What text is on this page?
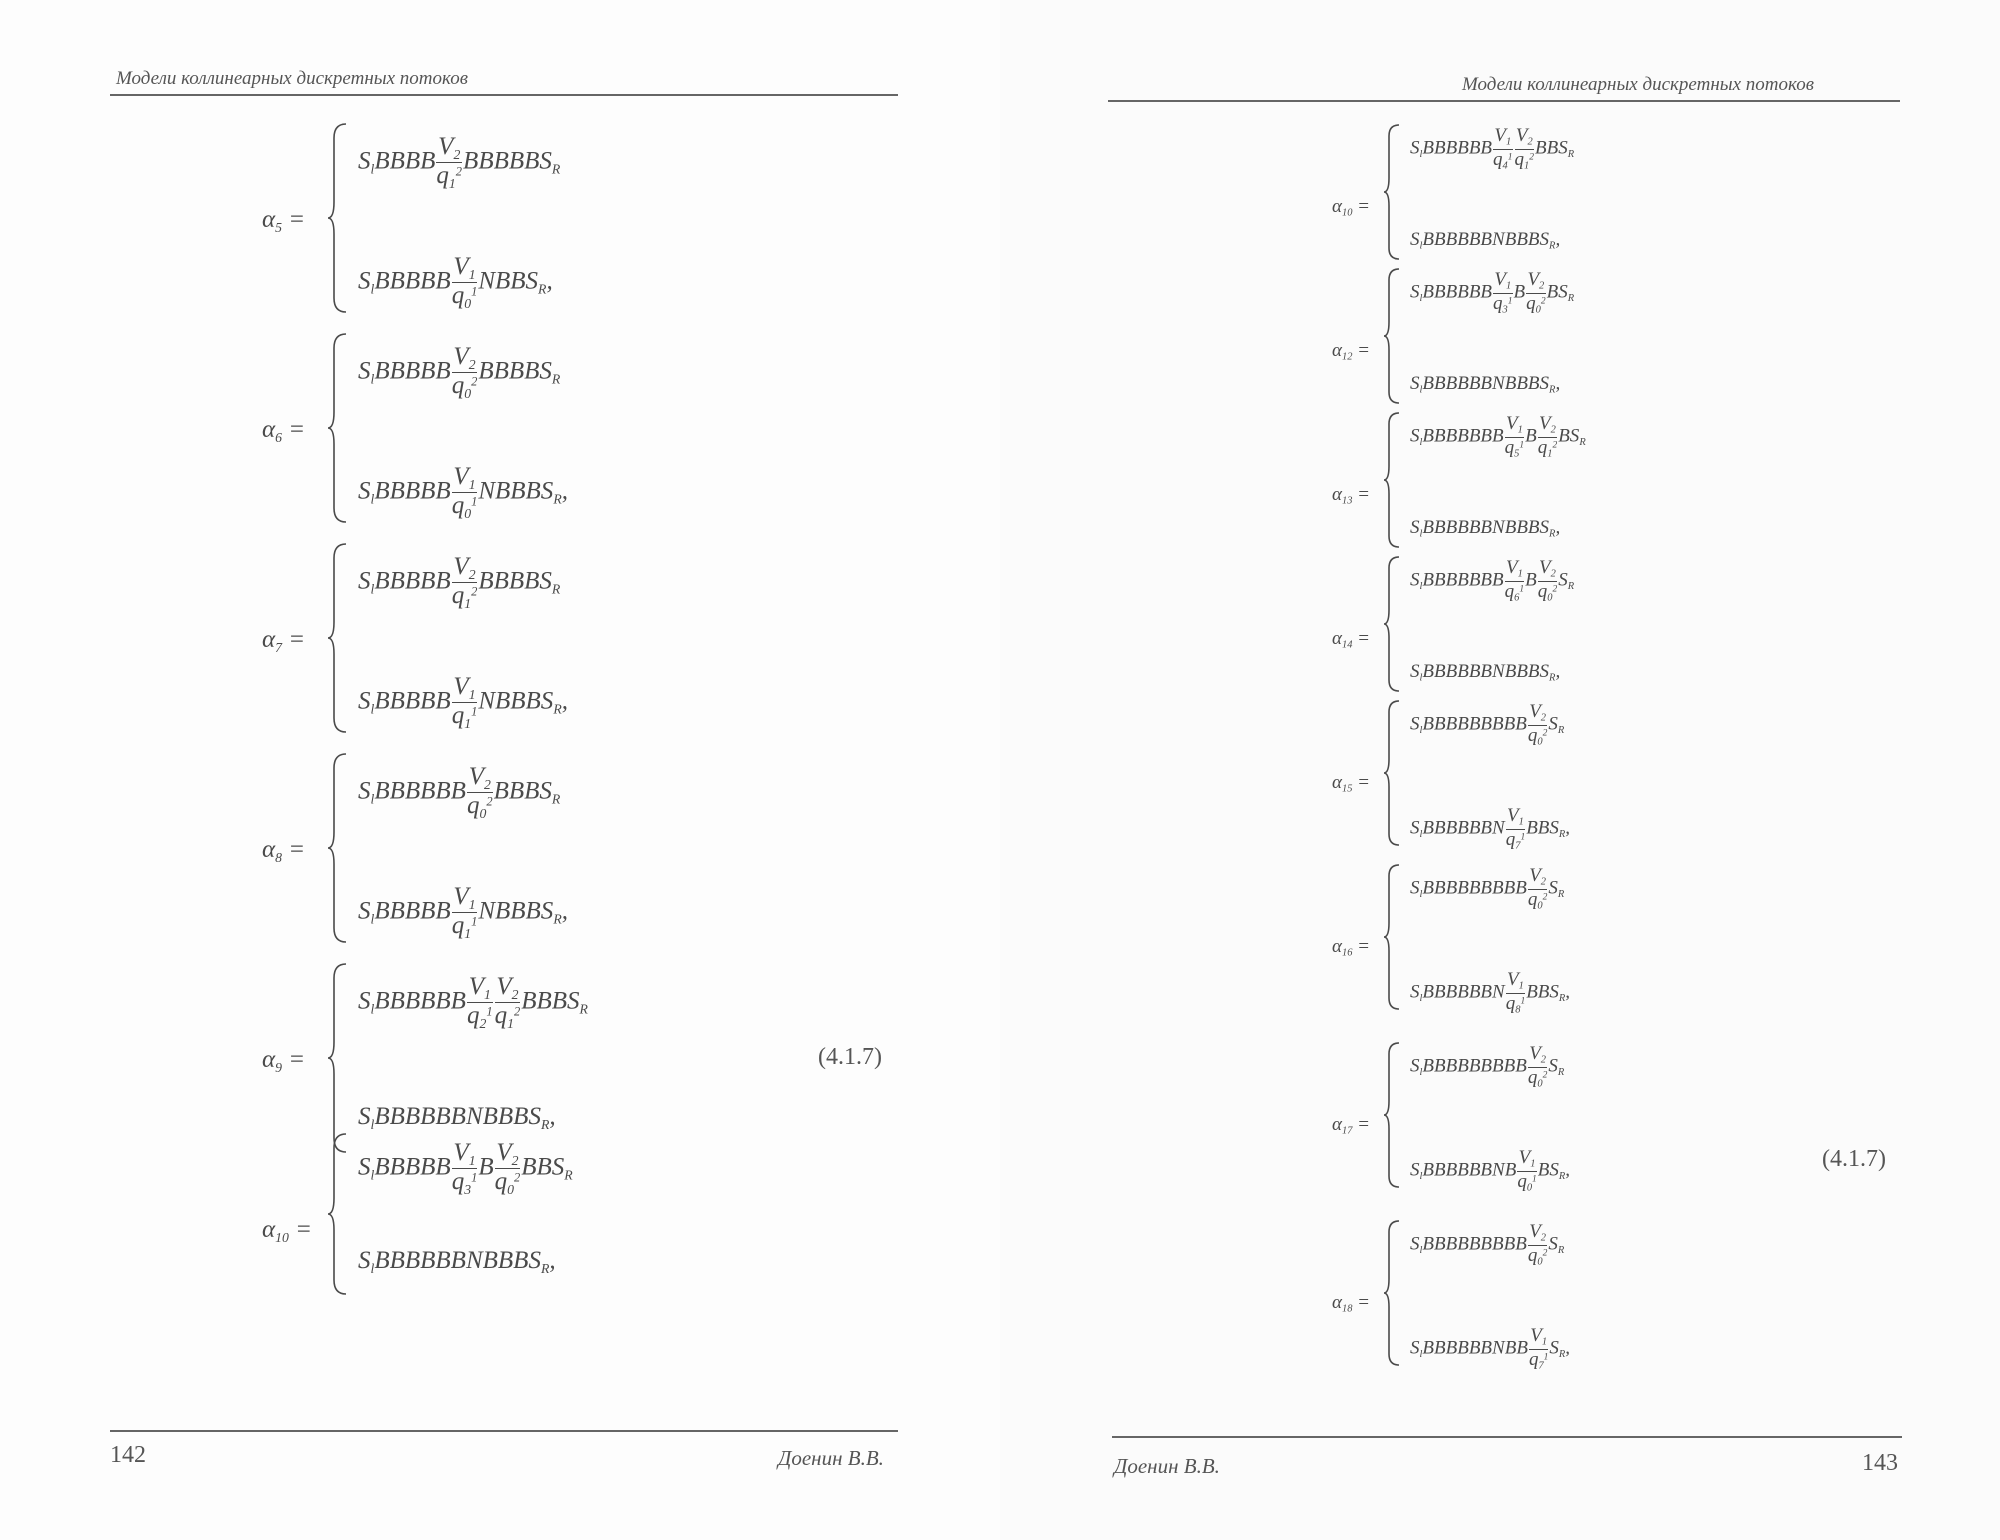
Модели коллинеарных дискретных потоков
$\alpha_5$ =
$S_lBBBB \frac{V_2}{q_1^2}$ $BBBBBS_R$
$S_lBBBBB \frac{V_1}{q_0^1}$ $NBBS_R$,
$\alpha_6$ =
$S_lBBBBB \frac{V_2}{q_0^2}$ $BBBBS_R$
$S_lBBBBB \frac{V_1}{q_0^1}$ $NBBBS_R$,
$\alpha_7$ =
$S_lBBBBB \frac{V_2}{q_1^2}$ $BBBBS_R$
$S_lBBBBB \frac{V_1}{q_1^1}$ $NBBBS_R$,
$\alpha_8$ =
$S_lBBBBBB \frac{V_2}{q_0^2}$ $BBBS_R$
$S_lBBBBB \frac{V_1}{q_1^1}$ $NBBBS_R$,
$\alpha_9$ =
$S_lBBBBBB \frac{V_1}{q_2^1} \frac{V_2}{q_1^2}$ $BBBS_R$
$S_lBBBBBBNBBBS_R$,
(4.1.7)
$\alpha_{10}$ =
$S_lBBBBB \frac{V_1}{q_3^1}$ B $\frac{V_2}{q_0^2} BBS_R$
$S_lBBBBBBNBBBS_R$,
142	Доенин В.В.
Модели коллинеарных дискретных потоков
$\alpha_{10}$ =
$S_lBBBBBB \frac{V_1}{q_4^1} \frac{V_2}{q_1^2} BBS_R$
$S_lBBBBBBNBBBS_R$,
$\alpha_{12}$ =
$S_lBBBBBB \frac{V_1}{q_3^1}$ B $\frac{V_2}{q_0^2} BS_R$
$S_lBBBBBBNBBBS_R$,
$\alpha_{13}$ =
$S_lBBBBBBB \frac{V_1}{q_5^1}$ B $\frac{V_2}{q_1^2} BS_R$
$S_lBBBBBBNBBBS_R$,
$\alpha_{14}$ =
$S_lBBBBBBB \frac{V_1}{q_6^1}$ B $\frac{V_2}{q_0^2} S_R$
$S_lBBBBBBNBBBS_R$,
$\alpha_{15}$ =
$S_lBBBBBBBBB \frac{V_2}{q_0^2} S_R$
$S_lBBBBBBN \frac{V_1}{q_7^1} BBS_R$,
$\alpha_{16}$ =
$S_lBBBBBBBBB \frac{V_2}{q_0^2} S_R$
$S_lBBBBBBN \frac{V_1}{q_8^1} BBS_R$,
$\alpha_{17}$ =
$S_lBBBBBBBBB \frac{V_2}{q_0^2} S_R$
$S_lBBBBBBNB \frac{V_1}{q_0^1} BS_R$,	(4.1.7)
$\alpha_{18}$ =
$S_lBBBBBBBBB \frac{V_2}{q_0^2} S_R$
$S_lBBBBBBNBB \frac{V_1}{q_7^1} S_R$,
Доенин В.В.	143
